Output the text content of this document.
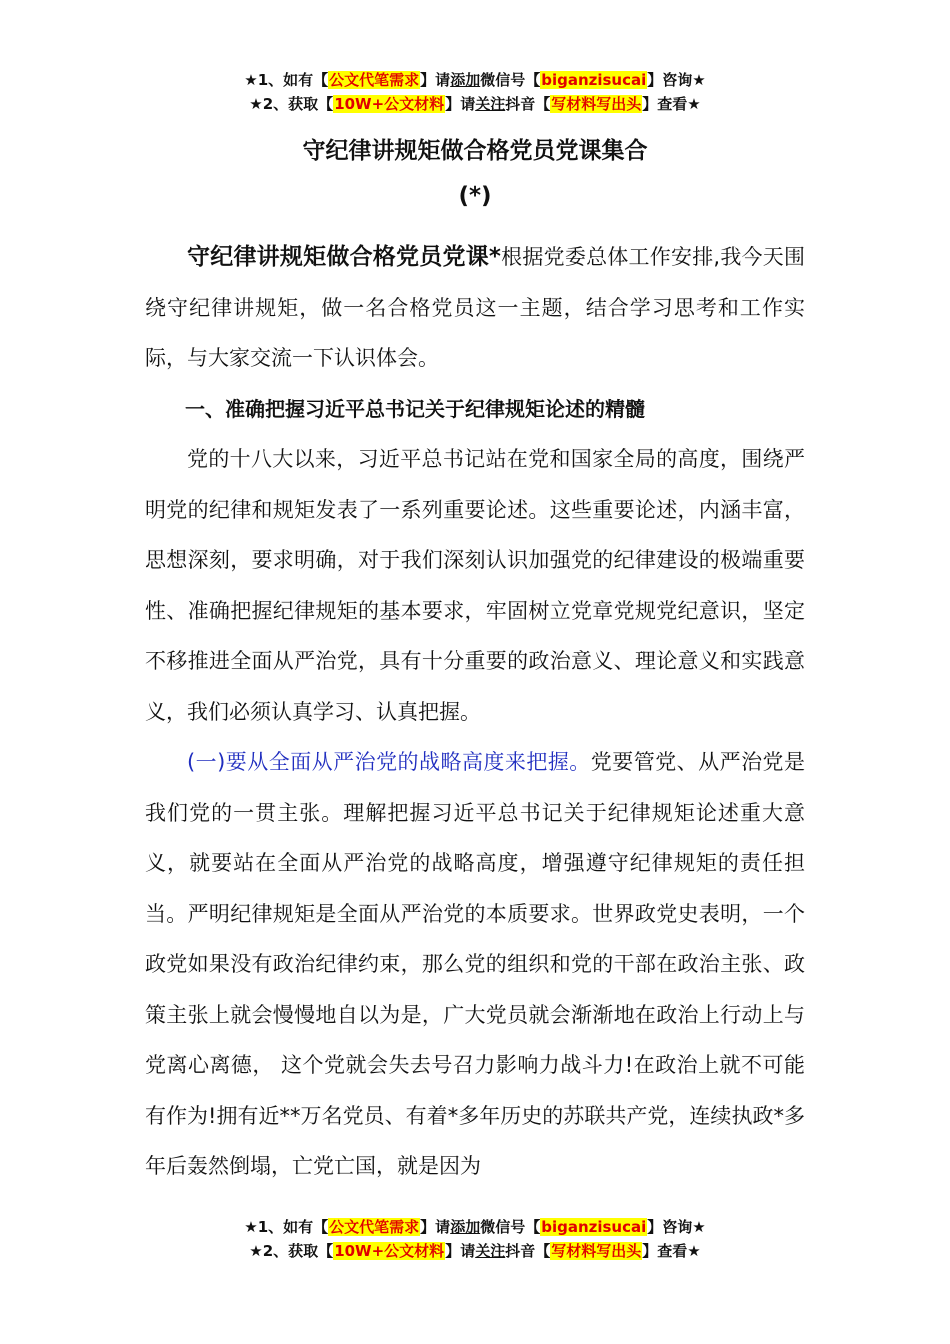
★1、如有【公文代笔需求】请添加微信号【biganzisucai】咨询★
★2、获取【10W+公文材料】请关注抖音【写材料写出头】查看★
守纪律讲规矩做合格党员党课集合
(*)

守纪律讲规矩做合格党员党课*根据党委总体工作安排,我今天围绕守纪律讲规矩，做一名合格党员这一主题，结合学习思考和工作实际，与大家交流一下认识体会。

一、准确把握习近平总书记关于纪律规矩论述的精髓

党的十八大以来，习近平总书记站在党和国家全局的高度，围绕严明党的纪律和规矩发表了一系列重要论述。这些重要论述，内涵丰富，思想深刻，要求明确，对于我们深刻认识加强党的纪律建设的极端重要性、准确把握纪律规矩的基本要求，牢固树立党章党规党纪意识，坚定不移推进全面从严治党，具有十分重要的政治意义、理论意义和实践意义，我们必须认真学习、认真把握。

(一)要从全面从严治党的战略高度来把握。党要管党、从严治党是我们党的一贯主张。理解把握习近平总书记关于纪律规矩论述重大意义，就要站在全面从严治党的战略高度，增强遵守纪律规矩的责任担当。严明纪律规矩是全面从严治党的本质要求。世界政党史表明，一个政党如果没有政治纪律约束，那么党的组织和党的干部在政治主张、政策主张上就会慢慢地自以为是，广大党员就会渐渐地在政治上行动上与党离心离德， 这个党就会失去号召力影响力战斗力!在政治上就不可能有作为!拥有近**万名党员、有着*多年历史的苏联共产党，连续执政*多年后轰然倒塌，亡党亡国，就是因为

★1、如有【公文代笔需求】请添加微信号【biganzisucai】咨询★
★2、获取【10W+公文材料】请关注抖音【写材料写出头】查看★
